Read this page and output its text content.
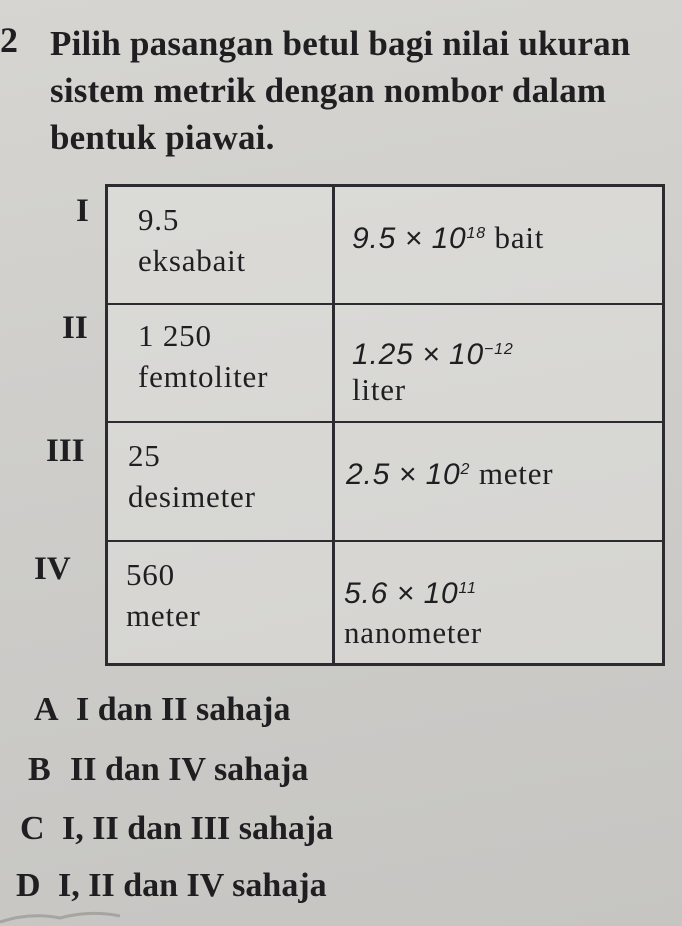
2 Pilih pasangan betul bagi nilai ukuran sistem metrik dengan nombor dalam bentuk piawai.
I
II
III
IV
9.5
eksabait
$9.5 \times 10^{18}$ bait
1 250
femtoliter
$1.25 \times 10^{-12}$
liter
25
desimeter
$2.5 \times 10^2$ meter
560
meter
$5.6 \times 10^{11}$
nanometer
A I dan II sahaja
B II dan IV sahaja
C I, II dan III sahaja
D I, II dan IV sahaja
